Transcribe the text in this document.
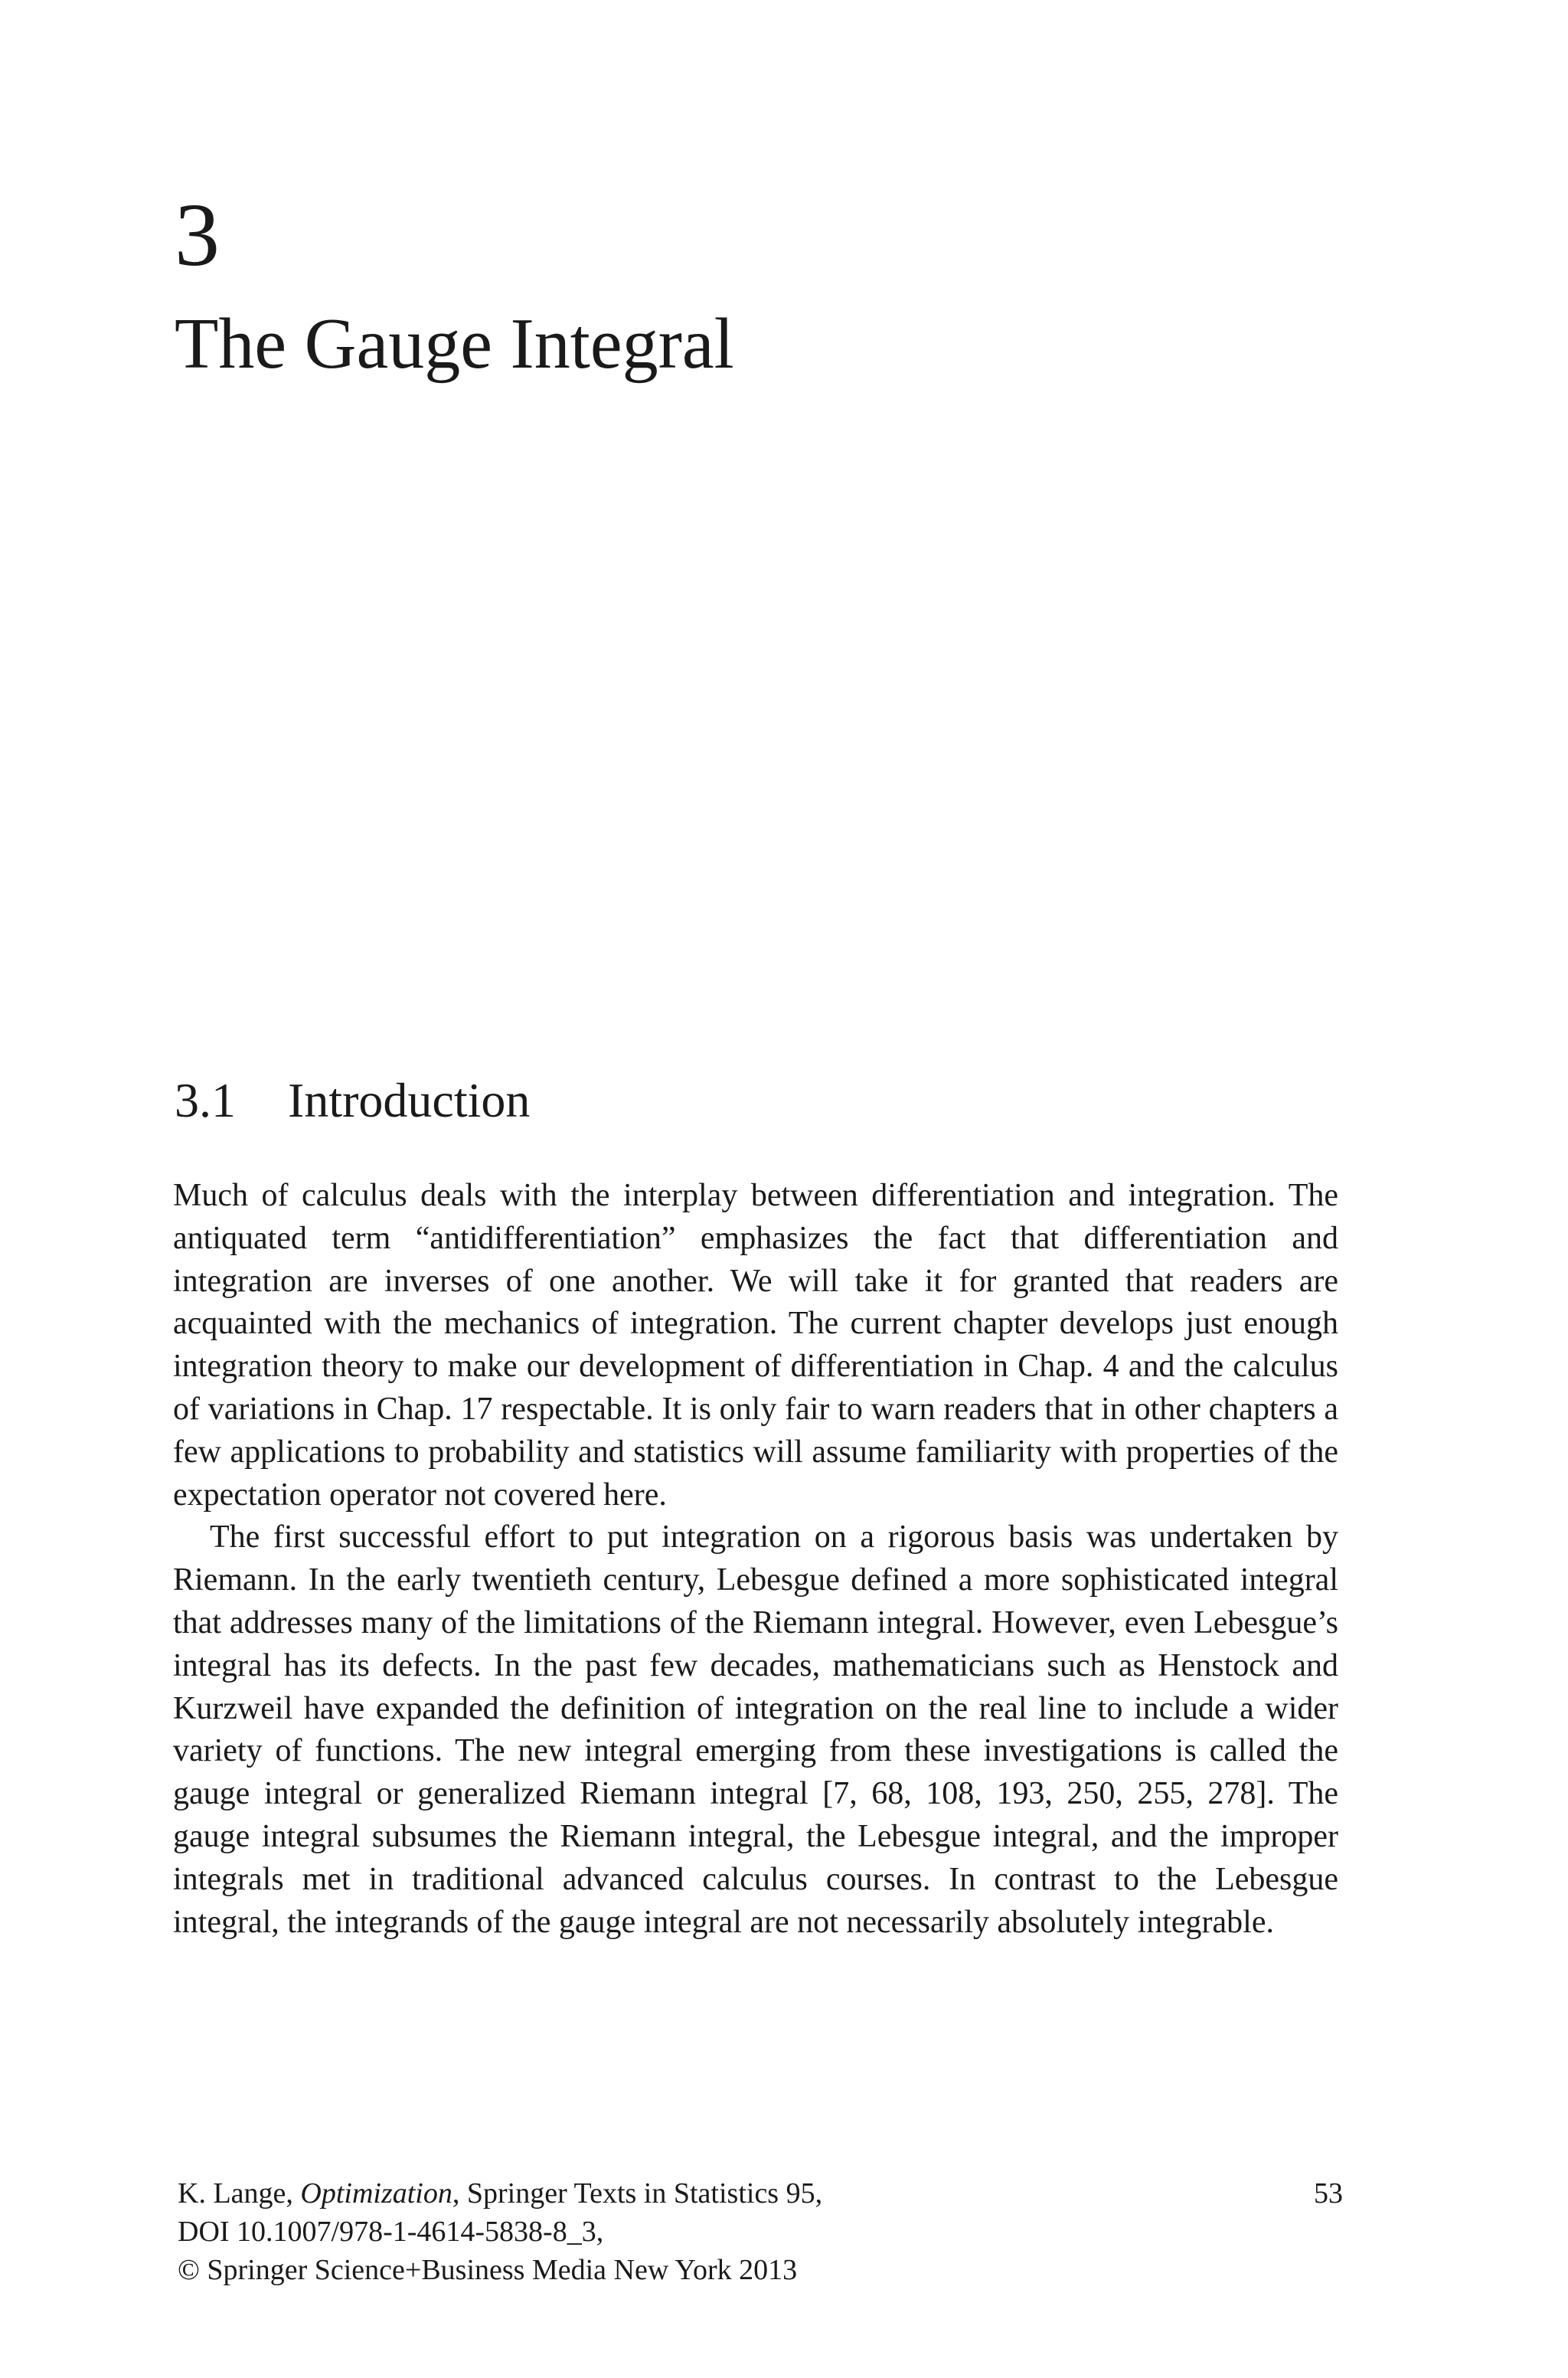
3
The Gauge Integral
3.1 Introduction

Much of calculus deals with the interplay between differentiation and integration. The antiquated term “antidifferentiation” emphasizes the fact that differentiation and integration are inverses of one another. We will take it for granted that readers are acquainted with the mechanics of integration. The current chapter develops just enough integration theory to make our development of differentiation in Chap. 4 and the calculus of variations in Chap. 17 respectable. It is only fair to warn readers that in other chapters a few applications to probability and statistics will assume familiarity with properties of the expectation operator not covered here.

The first successful effort to put integration on a rigorous basis was undertaken by Riemann. In the early twentieth century, Lebesgue defined a more sophisticated integral that addresses many of the limitations of the Riemann integral. However, even Lebesgue’s integral has its defects. In the past few decades, mathematicians such as Henstock and Kurzweil have expanded the definition of integration on the real line to include a wider variety of functions. The new integral emerging from these investigations is called the gauge integral or generalized Riemann integral [7, 68, 108, 193, 250, 255, 278]. The gauge integral subsumes the Riemann integral, the Lebesgue integral, and the improper integrals met in traditional advanced calculus courses. In contrast to the Lebesgue integral, the integrands of the gauge integral are not necessarily absolutely integrable.

K. Lange, Optimization, Springer Texts in Statistics 95,
DOI 10.1007/978-1-4614-5838-8_3,
© Springer Science+Business Media New York 2013
53
